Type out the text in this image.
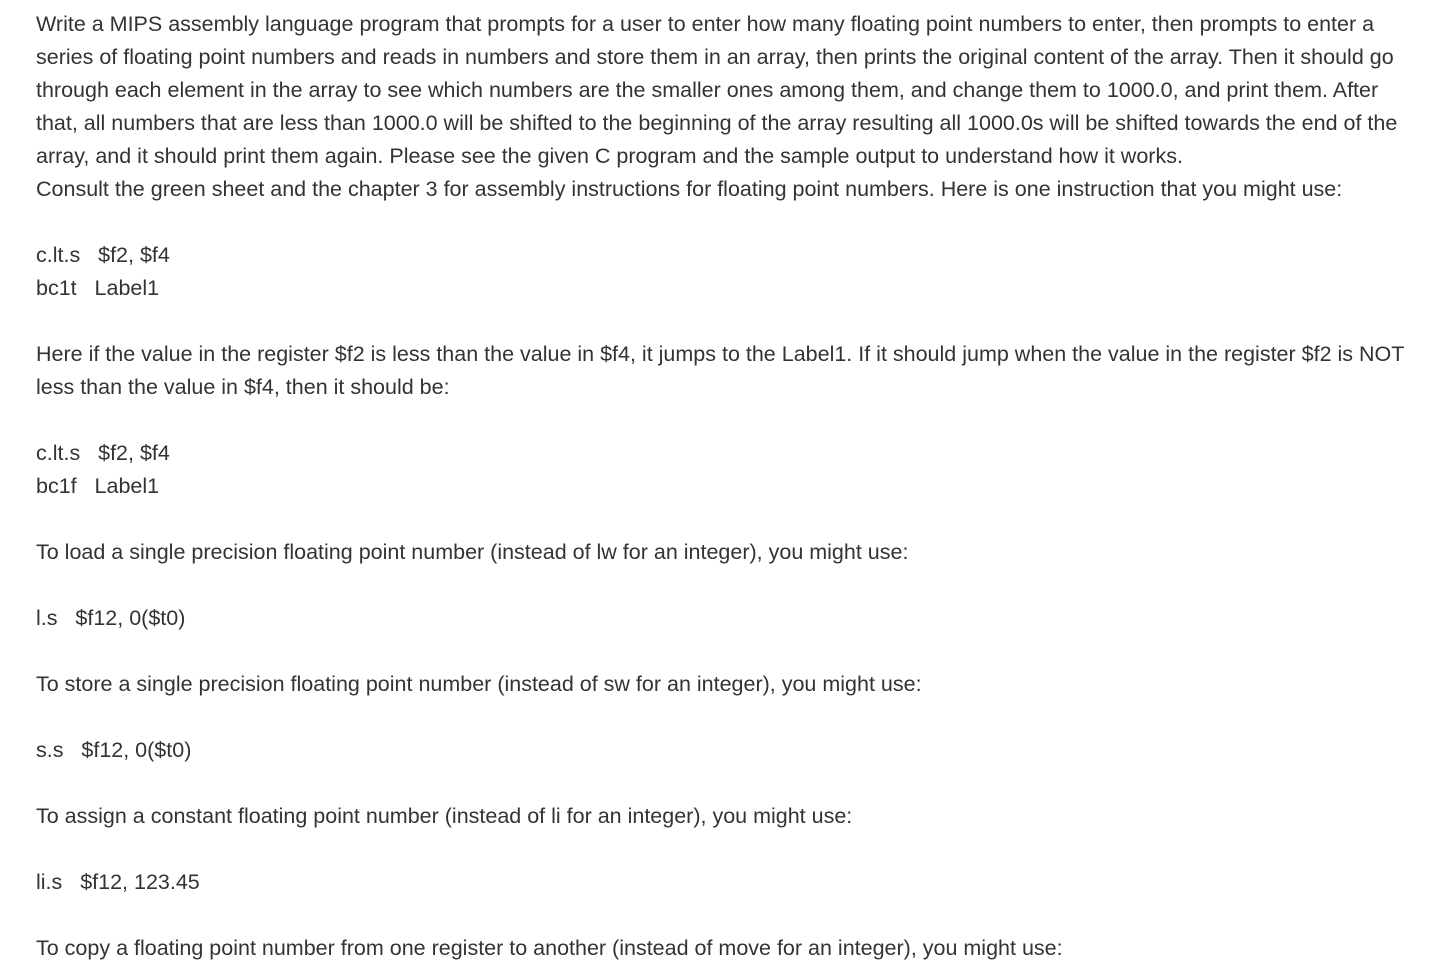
Write a MIPS assembly language program that prompts for a user to enter how many floating point numbers to enter, then prompts to enter a
series of floating point numbers and reads in numbers and store them in an array, then prints the original content of the array. Then it should go
through each element in the array to see which numbers are the smaller ones among them, and change them to 1000.0, and print them. After
that, all numbers that are less than 1000.0 will be shifted to the beginning of the array resulting all 1000.0s will be shifted towards the end of the
array, and it should print them again. Please see the given C program and the sample output to understand how it works.
Consult the green sheet and the chapter 3 for assembly instructions for floating point numbers. Here is one instruction that you might use:

c.lt.s   $f2, $f4
bc1t   Label1

Here if the value in the register $f2 is less than the value in $f4, it jumps to the Label1. If it should jump when the value in the register $f2 is NOT
less than the value in $f4, then it should be:

c.lt.s   $f2, $f4
bc1f   Label1

To load a single precision floating point number (instead of lw for an integer), you might use:

l.s   $f12, 0($t0)

To store a single precision floating point number (instead of sw for an integer), you might use:

s.s   $f12, 0($t0)

To assign a constant floating point number (instead of li for an integer), you might use:

li.s   $f12, 123.45

To copy a floating point number from one register to another (instead of move for an integer), you might use:
